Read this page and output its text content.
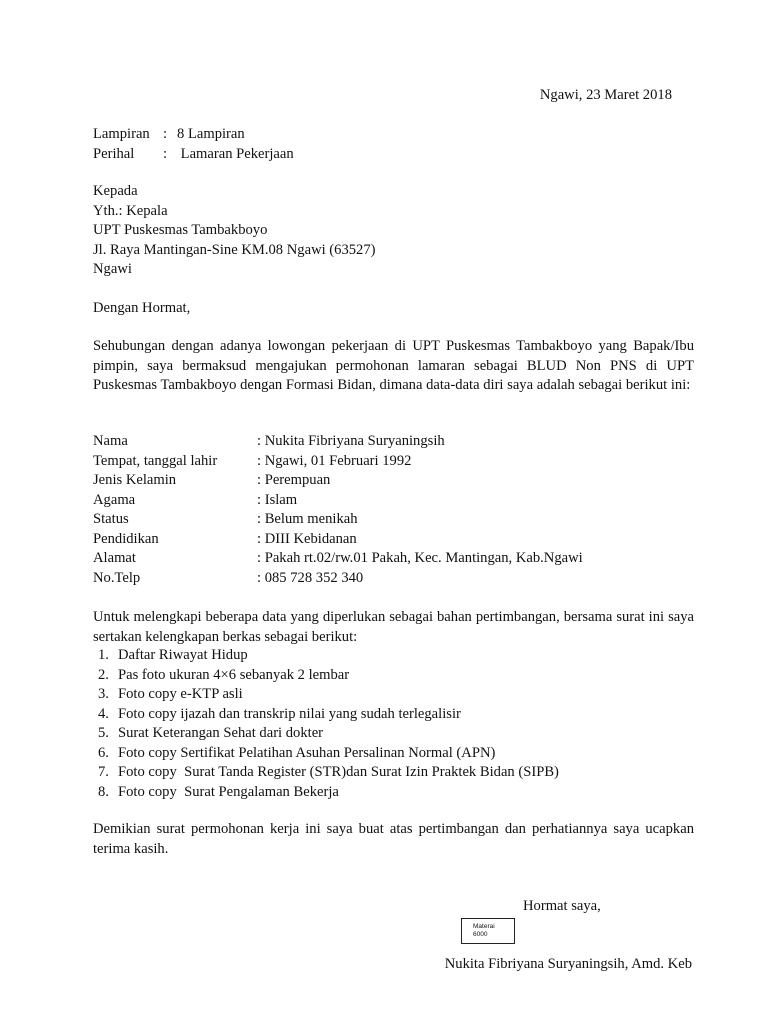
Ngawi, 23 Maret 2018
Lampiran : 8 Lampiran
Perihal	: Lamaran Pekerjaan
Kepada
Yth.: Kepala
UPT Puskesmas Tambakboyo
Jl. Raya Mantingan-Sine KM.08 Ngawi (63527)
Ngawi
Dengan Hormat,
Sehubungan dengan adanya lowongan pekerjaan di UPT Puskesmas Tambakboyo yang Bapak/Ibu pimpin, saya bermaksud mengajukan permohonan lamaran sebagai BLUD Non PNS di UPT Puskesmas Tambakboyo dengan Formasi Bidan, dimana data-data diri saya adalah sebagai berikut ini:
Nama	: Nukita Fibriyana Suryaningsih
Tempat, tanggal lahir	: Ngawi, 01 Februari 1992
Jenis Kelamin	: Perempuan
Agama	: Islam
Status	: Belum menikah
Pendidikan	: DIII Kebidanan
Alamat	: Pakah rt.02/rw.01 Pakah, Kec. Mantingan, Kab.Ngawi
No.Telp	: 085 728 352 340
Untuk melengkapi beberapa data yang diperlukan sebagai bahan pertimbangan, bersama surat ini saya sertakan kelengkapan berkas sebagai berikut:
1. Daftar Riwayat Hidup
2. Pas foto ukuran 4×6 sebanyak 2 lembar
3. Foto copy e-KTP asli
4. Foto copy ijazah dan transkrip nilai yang sudah terlegalisir
5. Surat Keterangan Sehat dari dokter
6. Foto copy Sertifikat Pelatihan Asuhan Persalinan Normal (APN)
7. Foto copy  Surat Tanda Register (STR)dan Surat Izin Praktek Bidan (SIPB)
8. Foto copy  Surat Pengalaman Bekerja
Demikian surat permohonan kerja ini saya buat atas pertimbangan dan perhatiannya saya ucapkan terima kasih.
Hormat saya,
Materai
6000
Nukita Fibriyana Suryaningsih, Amd. Keb
